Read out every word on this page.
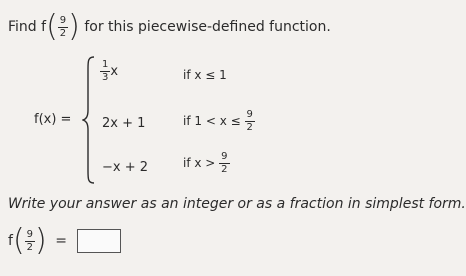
Find $f( \frac{9}{2}$ ) for this piecewise-defined function.
f(x) =
$\frac{1}{3}$ x	if x ≤ 1
2x + 1	if $1 < x \le \frac{9}{2}$
−x + 2	if $x > \frac{9}{2}$
Write your answer as an integer or as a fraction in simplest form.
$f( \frac{9}{2}$ ) =
